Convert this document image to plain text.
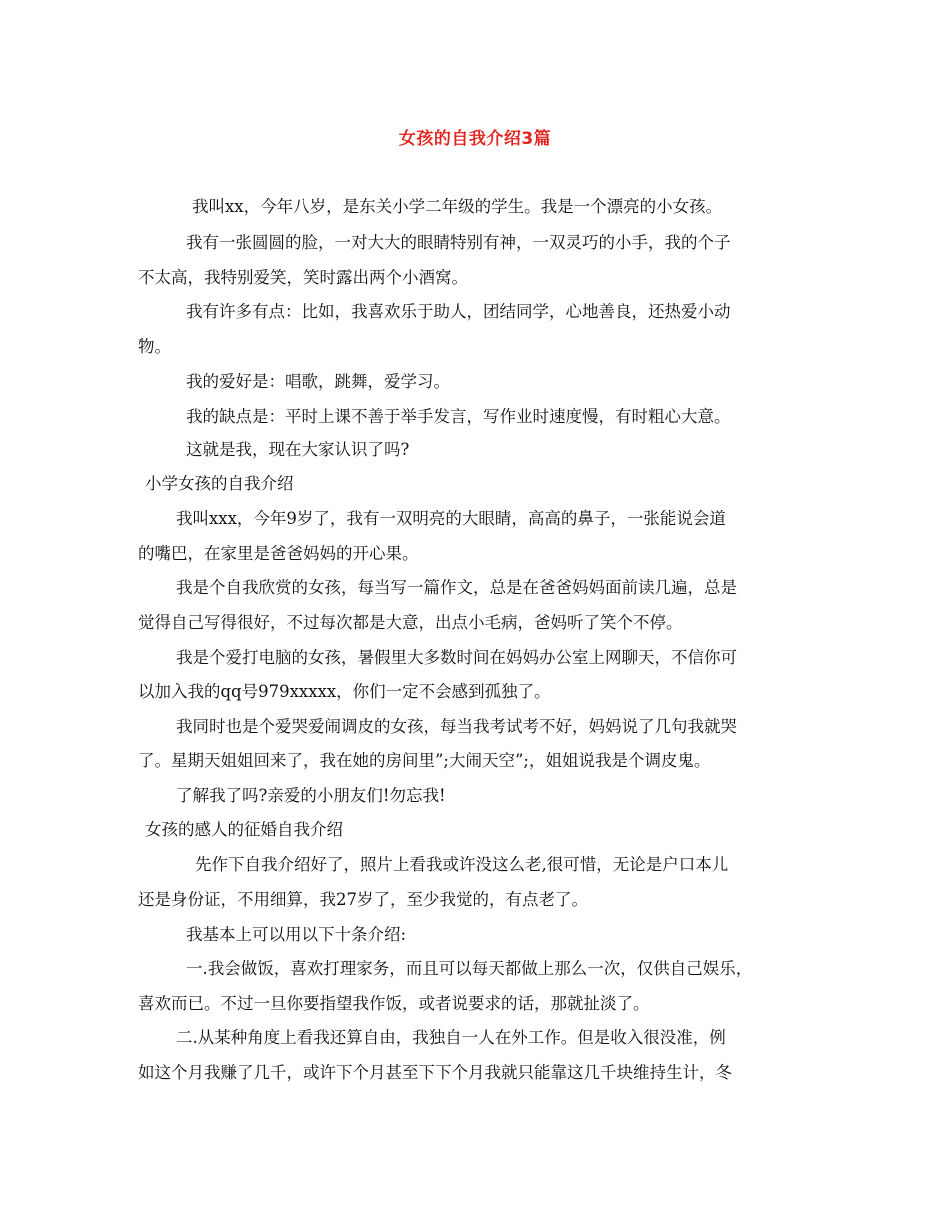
女孩的自我介绍3篇
我叫xx，今年八岁，是东关小学二年级的学生。我是一个漂亮的小女孩。
我有一张圆圆的脸，一对大大的眼睛特别有神，一双灵巧的小手，我的个子
不太高，我特别爱笑，笑时露出两个小酒窝。
我有许多有点：比如，我喜欢乐于助人，团结同学，心地善良，还热爱小动
物。
我的爱好是：唱歌，跳舞，爱学习。
我的缺点是：平时上课不善于举手发言，写作业时速度慢，有时粗心大意。
这就是我，现在大家认识了吗?
小学女孩的自我介绍
我叫xxx，今年9岁了，我有一双明亮的大眼睛，高高的鼻子，一张能说会道
的嘴巴，在家里是爸爸妈妈的开心果。
我是个自我欣赏的女孩，每当写一篇作文，总是在爸爸妈妈面前读几遍，总是
觉得自己写得很好，不过每次都是大意，出点小毛病，爸妈听了笑个不停。
我是个爱打电脑的女孩，暑假里大多数时间在妈妈办公室上网聊天，不信你可
以加入我的qq号979xxxxx，你们一定不会感到孤独了。
我同时也是个爱哭爱闹调皮的女孩，每当我考试考不好，妈妈说了几句我就哭
了。星期天姐姐回来了，我在她的房间里”;大闹天空”;，姐姐说我是个调皮鬼。
了解我了吗?亲爱的小朋友们!勿忘我!
女孩的感人的征婚自我介绍
先作下自我介绍好了，照片上看我或许没这么老,很可惜，无论是户口本儿
还是身份证，不用细算，我27岁了，至少我觉的，有点老了。
我基本上可以用以下十条介绍:
一.我会做饭，喜欢打理家务，而且可以每天都做上那么一次，仅供自己娱乐，
喜欢而已。不过一旦你要指望我作饭，或者说要求的话，那就扯淡了。
二.从某种角度上看我还算自由，我独自一人在外工作。但是收入很没准，例
如这个月我赚了几千，或许下个月甚至下下个月我就只能靠这几千块维持生计，冬
